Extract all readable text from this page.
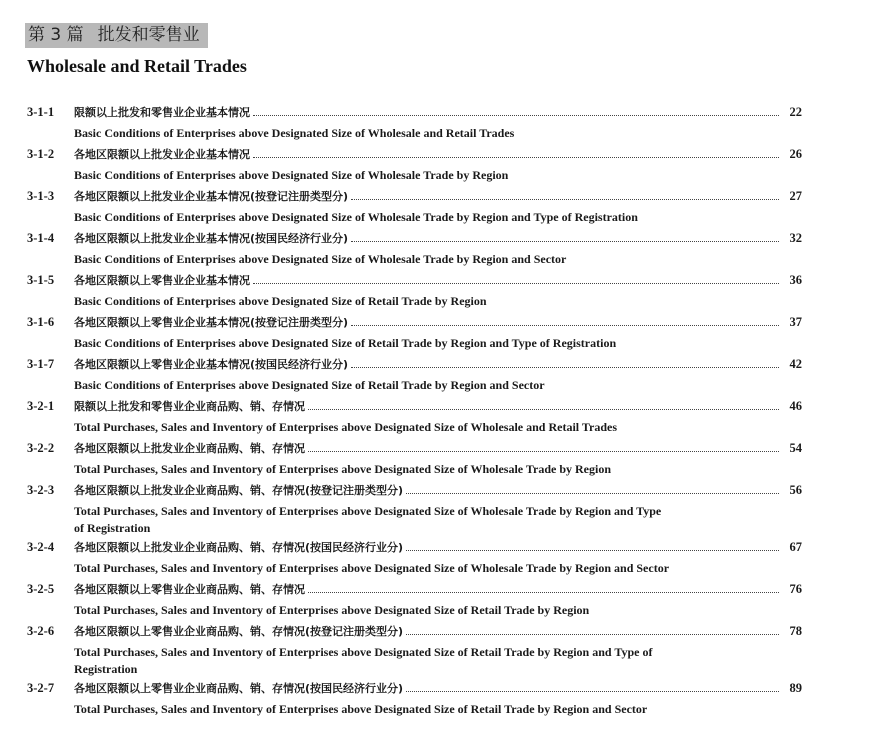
第 3 篇 批发和零售业
Wholesale and Retail Trades
3-1-1	限额以上批发和零售业企业基本情况	22
Basic Conditions of Enterprises above Designated Size of Wholesale and Retail Trades
3-1-2	各地区限额以上批发业企业基本情况	26
Basic Conditions of Enterprises above Designated Size of Wholesale Trade by Region
3-1-3	各地区限额以上批发业企业基本情况(按登记注册类型分)	27
Basic Conditions of Enterprises above Designated Size of Wholesale Trade by Region and Type of Registration
3-1-4	各地区限额以上批发业企业基本情况(按国民经济行业分)	32
Basic Conditions of Enterprises above Designated Size of Wholesale Trade by Region and Sector
3-1-5	各地区限额以上零售业企业基本情况	36
Basic Conditions of Enterprises above Designated Size of Retail Trade by Region
3-1-6	各地区限额以上零售业企业基本情况(按登记注册类型分)	37
Basic Conditions of Enterprises above Designated Size of Retail Trade by Region and Type of Registration
3-1-7	各地区限额以上零售业企业基本情况(按国民经济行业分)	42
Basic Conditions of Enterprises above Designated Size of Retail Trade by Region and Sector
3-2-1	限额以上批发和零售业企业商品购、销、存情况	46
Total Purchases, Sales and Inventory of Enterprises above Designated Size of Wholesale and Retail Trades
3-2-2	各地区限额以上批发业企业商品购、销、存情况	54
Total Purchases, Sales and Inventory of Enterprises above Designated Size of Wholesale Trade by Region
3-2-3	各地区限额以上批发业企业商品购、销、存情况(按登记注册类型分)	56
Total Purchases, Sales and Inventory of Enterprises above Designated Size of Wholesale Trade by Region and Type of Registration
3-2-4	各地区限额以上批发业企业商品购、销、存情况(按国民经济行业分)	67
Total Purchases, Sales and Inventory of Enterprises above Designated Size of Wholesale Trade by Region and Sector
3-2-5	各地区限额以上零售业企业商品购、销、存情况	76
Total Purchases, Sales and Inventory of Enterprises above Designated Size of Retail Trade by Region
3-2-6	各地区限额以上零售业企业商品购、销、存情况(按登记注册类型分)	78
Total Purchases, Sales and Inventory of Enterprises above Designated Size of Retail Trade by Region and Type of Registration
3-2-7	各地区限额以上零售业企业商品购、销、存情况(按国民经济行业分)	89
Total Purchases, Sales and Inventory of Enterprises above Designated Size of Retail Trade by Region and Sector
